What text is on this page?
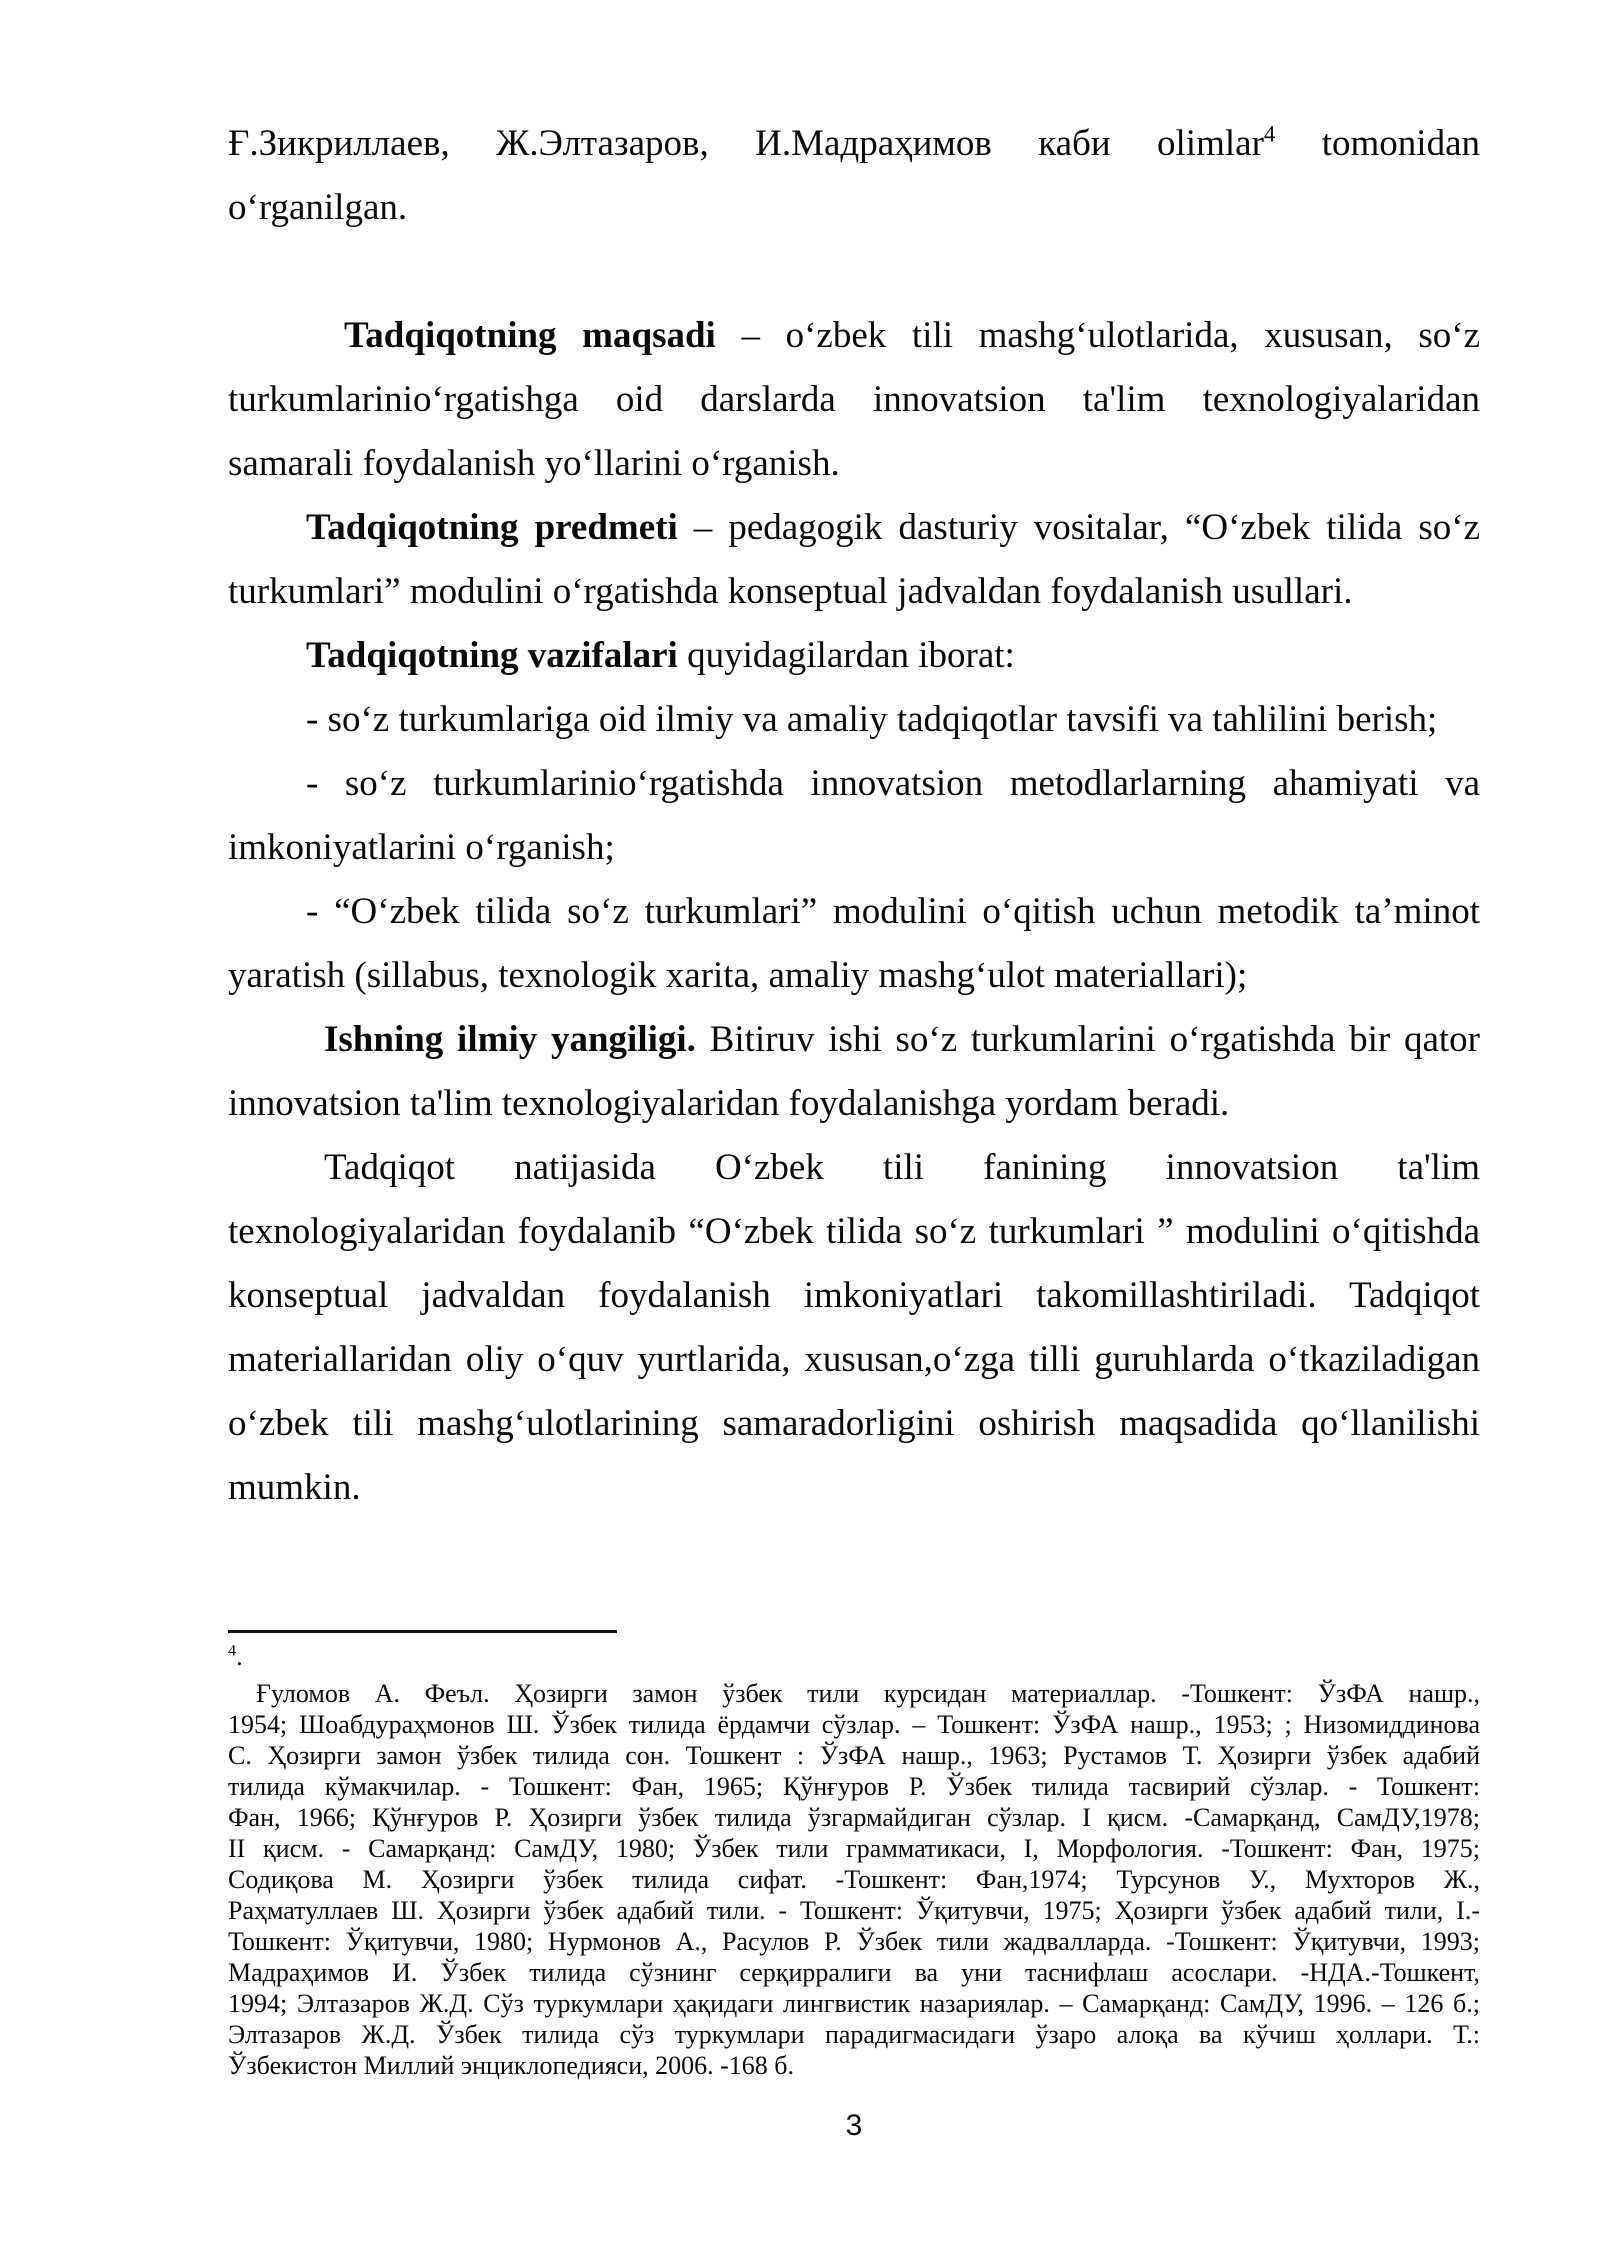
Ғ.Зикриллаев, Ж.Элтазаров, И.Мадраҳимов каби olimlar$^4$ tomonidan
o‘rganilgan.
Tadqiqotning maqsadi – o‘zbek tili mashg‘ulotlarida, xususan, so‘z
turkumlarinio‘rgatishga oid darslarda innovatsion ta'lim texnologiyalaridan
samarali foydalanish yo‘llarini o‘rganish.
Tadqiqotning predmeti – pedagogik dasturiy vositalar, “O‘zbek tilida so‘z
turkumlari” modulini o‘rgatishda konseptual jadvaldan foydalanish usullari.
Tadqiqotning vazifalari quyidagilardan iborat:
- so‘z turkumlariga oid ilmiy va amaliy tadqiqotlar tavsifi va tahlilini berish;
- so‘z turkumlarinio‘rgatishda innovatsion metodlarlarning ahamiyati va
imkoniyatlarini o‘rganish;
- “O‘zbek tilida so‘z turkumlari” modulini o‘qitish uchun metodik ta’minot
yaratish (sillabus, texnologik xarita, amaliy mashg‘ulot materiallari);
Ishning ilmiy yangiligi. Bitiruv ishi so‘z turkumlarini o‘rgatishda bir qator
innovatsion ta'lim texnologiyalaridan foydalanishga yordam beradi.
Tadqiqot natijasida O‘zbek tili fanining innovatsion ta'lim
texnologiyalaridan foydalanib “O‘zbek tilida so‘z turkumlari ” modulini o‘qitishda
konseptual jadvaldan foydalanish imkoniyatlari takomillashtiriladi. Tadqiqot
materiallaridan oliy o‘quv yurtlarida, xususan,o‘zga tilli guruhlarda o‘tkaziladigan
o‘zbek tili mashg‘ulotlarining samaradorligini oshirish maqsadida qo‘llanilishi
mumkin.
$^4$.
Ғуломов А. Феъл. Ҳозирги замон ўзбек тили курсидан материаллар. -Тошкент: ЎзФА нашр.,
1954; Шоабдураҳмонов Ш. Ўзбек тилида ёрдамчи сўзлар. – Тошкент: ЎзФА нашр., 1953; ; Низомиддинова
С. Ҳозирги замон ўзбек тилида сон. Тошкент : ЎзФА нашр., 1963; Рустамов Т. Ҳозирги ўзбек адабий
тилида кўмакчилар. - Тошкент: Фан, 1965; Қўнғуров Р. Ўзбек тилида тасвирий сўзлар. - Тошкент:
Фан, 1966; Қўнғуров Р. Ҳозирги ўзбек тилида ўзгармайдиган сўзлар. I қисм. -Самарқанд, СамДУ,1978;
II қисм. - Самарқанд: СамДУ, 1980; Ўзбек тили грамматикаси, I, Морфология. -Тошкент: Фан, 1975;
Содиқова М. Ҳозирги ўзбек тилида сифат. -Тошкент: Фан,1974; Турсунов У., Мухторов Ж.,
Раҳматуллаев Ш. Ҳозирги ўзбек адабий тили. - Тошкент: Ўқитувчи, 1975; Ҳозирги ўзбек адабий тили, I.-
Тошкент: Ўқитувчи, 1980; Нурмонов А., Расулов Р. Ўзбек тили жадвалларда. -Тошкент: Ўқитувчи, 1993;
Мадраҳимов И. Ўзбек тилида сўзнинг серқирралиги ва уни таснифлаш асослари. -НДА.-Тошкент,
1994; Элтазаров Ж.Д. Сўз туркумлари ҳақидаги лингвистик назариялар. – Самарқанд: СамДУ, 1996. – 126 б.;
Элтазаров Ж.Д. Ўзбек тилида сўз туркумлари парадигмасидаги ўзаро алоқа ва кўчиш ҳоллари. Т.:
Ўзбекистон Миллий энциклопедияси, 2006. -168 б.
3
